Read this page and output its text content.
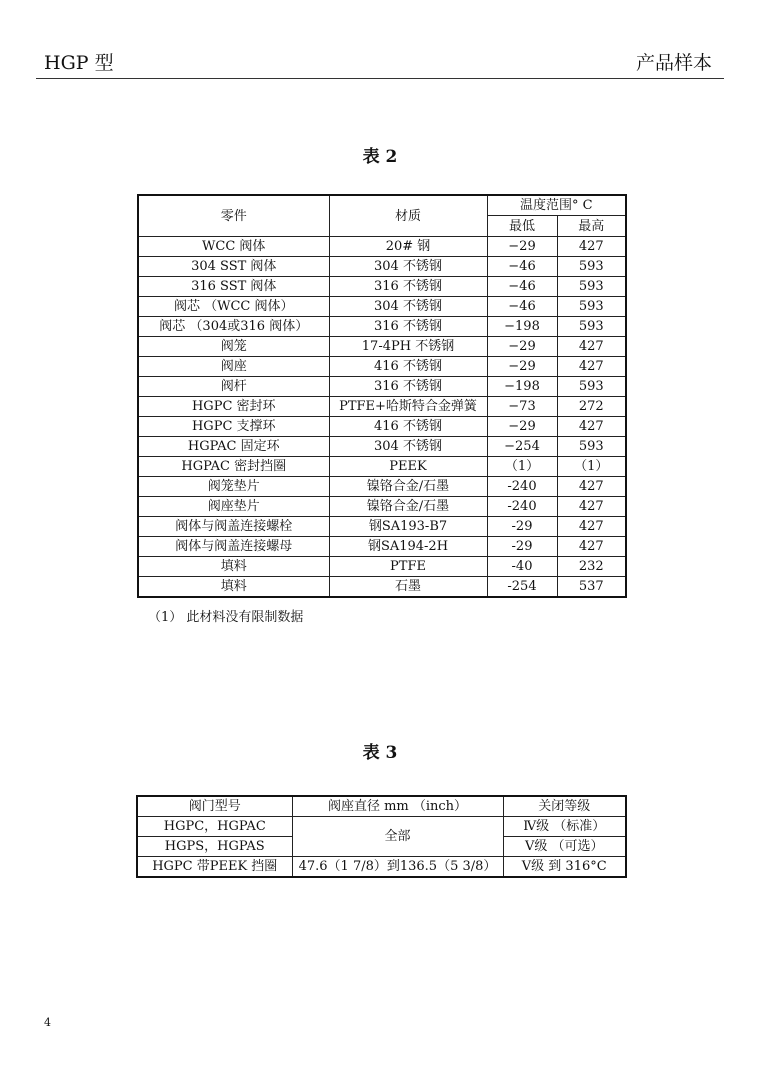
HGP 型	产品样本
表 2
零件	材质	温度范围° C	
		最低	最高
WCC 阀体	20# 钢	−29	427
304 SST 阀体	304 不锈钢	−46	593
316 SST 阀体	316 不锈钢	−46	593
阀芯 （WCC 阀体）	304 不锈钢	−46	593
阀芯 （304或316 阀体）	316 不锈钢	−198	593
阀笼	17-4PH 不锈钢	−29	427
阀座	416 不锈钢	−29	427
阀杆	316 不锈钢	−198	593
HGPC 密封环	PTFE+哈斯特合金弹簧	−73	272
HGPC 支撑环	416 不锈钢	−29	427
HGPAC 固定环	304 不锈钢	−254	593
HGPAC 密封挡圈	PEEK	（1）	（1）
阀笼垫片	镍铬合金/石墨	-240	427
阀座垫片	镍铬合金/石墨	-240	427
阀体与阀盖连接螺栓	钢SA193-B7	-29	427
阀体与阀盖连接螺母	钢SA194-2H	-29	427
填料	PTFE	-40	232
填料	石墨	-254	537
（1） 此材料没有限制数据
表 3
阀门型号	阀座直径 mm （inch）	关闭等级
HGPC，HGPAC	全部	Ⅳ级 （标准）
HGPS，HGPAS		Ⅴ级 （可选）
HGPC 带PEEK 挡圈	47.6（1 7/8）到136.5（5 3/8）	Ⅴ级 到 316°C
4
